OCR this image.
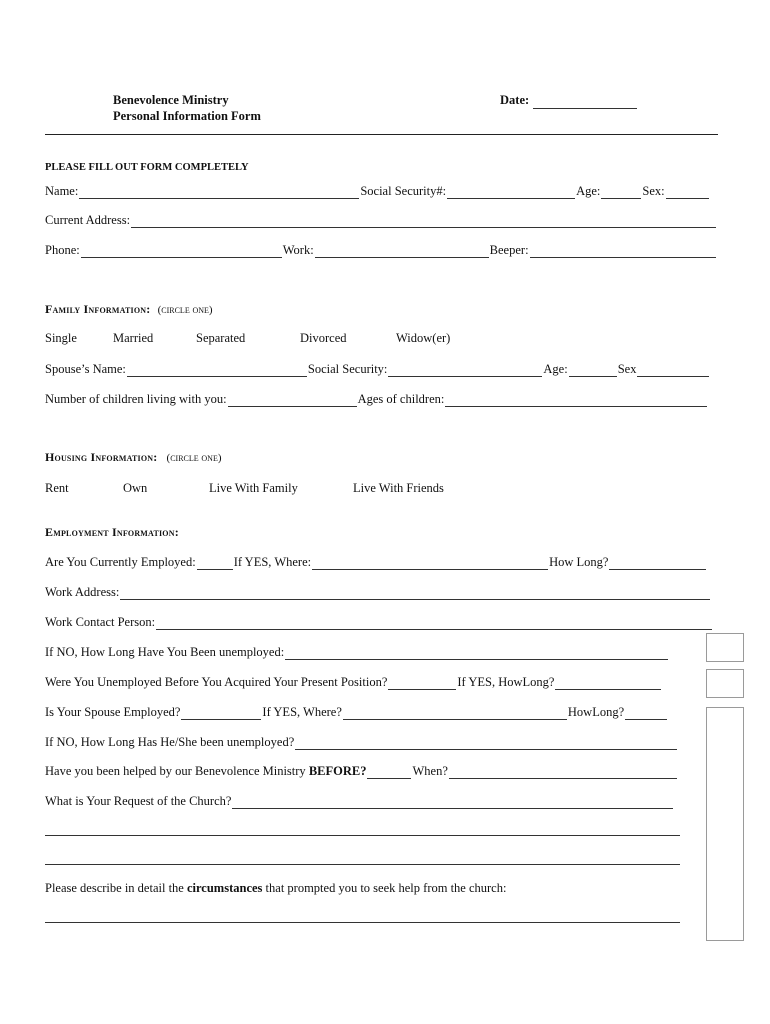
Benevolence Ministry
Personal Information Form
Date:
PLEASE FILL OUT FORM COMPLETELY
Name:	Social Security#:	Age:	Sex:
Current Address:
Phone:	Work:	Beeper:
Family Information: (circle one)
Single	Married	Separated	Divorced	Widow(er)
Spouse’s Name:	Social Security:	Age:	Sex
Number of children living with you:	Ages of children:
Housing Information: (circle one)
Rent	Own	Live With Family	Live With Friends
Employment Information:
Are You Currently Employed:	If YES, Where:	How Long?
Work Address:
Work Contact Person:
If NO, How Long Have You Been unemployed:
Were You Unemployed Before You Acquired Your Present Position?	If YES, HowLong?
Is Your Spouse Employed?	If YES, Where?	HowLong?
If NO, How Long Has He/She been unemployed?
Have you been helped by our Benevolence Ministry BEFORE?	When?
What is Your Request of the Church?
Please describe in detail the circumstances that prompted you to seek help from the church:
